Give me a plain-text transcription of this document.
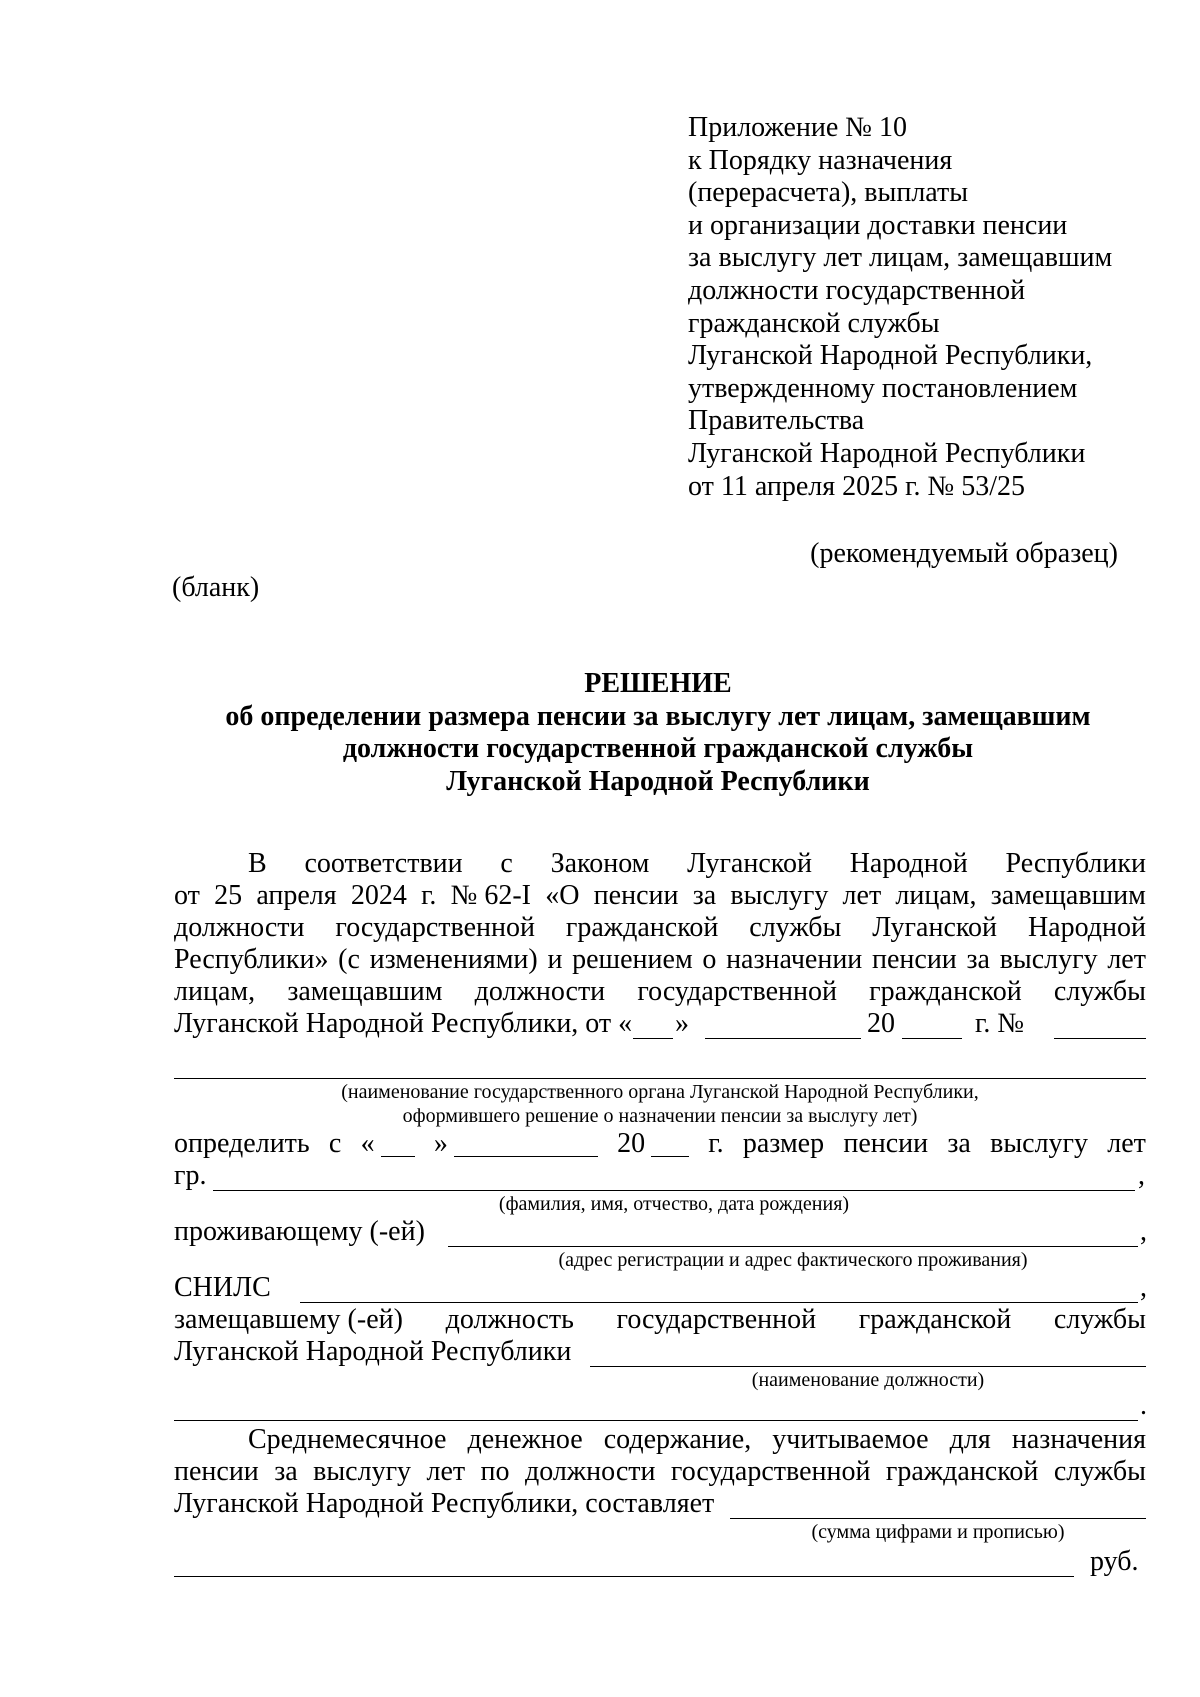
Приложение № 10
к Порядку назначения
(перерасчета), выплаты
и организации доставки пенсии
за выслугу лет лицам, замещавшим
должности государственной
гражданской службы
Луганской Народной Республики,
утвержденному постановлением
Правительства
Луганской Народной Республики
от 11 апреля 2025 г. № 53/25
(рекомендуемый образец)
(бланк)
РЕШЕНИЕ
об определении размера пенсии за выслугу лет лицам, замещавшим
должности государственной гражданской службы
Луганской Народной Республики
В соответствии с Законом Луганской Народной Республики
от 25 апреля 2024 г. № 62-I «О пенсии за выслугу лет лицам, замещавшим
должности государственной гражданской службы Луганской Народной
Республики» (с изменениями) и решением о назначении пенсии за выслугу лет
лицам, замещавшим должности государственной гражданской службы
Луганской Народной Республики, от « »	20	г. №
(наименование государственного органа Луганской Народной Республики,
оформившего решение о назначении пенсии за выслугу лет)
определить с «	»	20	г. размер пенсии за выслугу лет
гр.	,
(фамилия, имя, отчество, дата рождения)
проживающему (-ей)	,
(адрес регистрации и адрес фактического проживания)
СНИЛС	,
замещавшему (-ей) должность государственной гражданской службы
Луганской Народной Республики
(наименование должности)
.
Среднемесячное денежное содержание, учитываемое для назначения
пенсии за выслугу лет по должности государственной гражданской службы
Луганской Народной Республики, составляет
(сумма цифрами и прописью)
руб.
